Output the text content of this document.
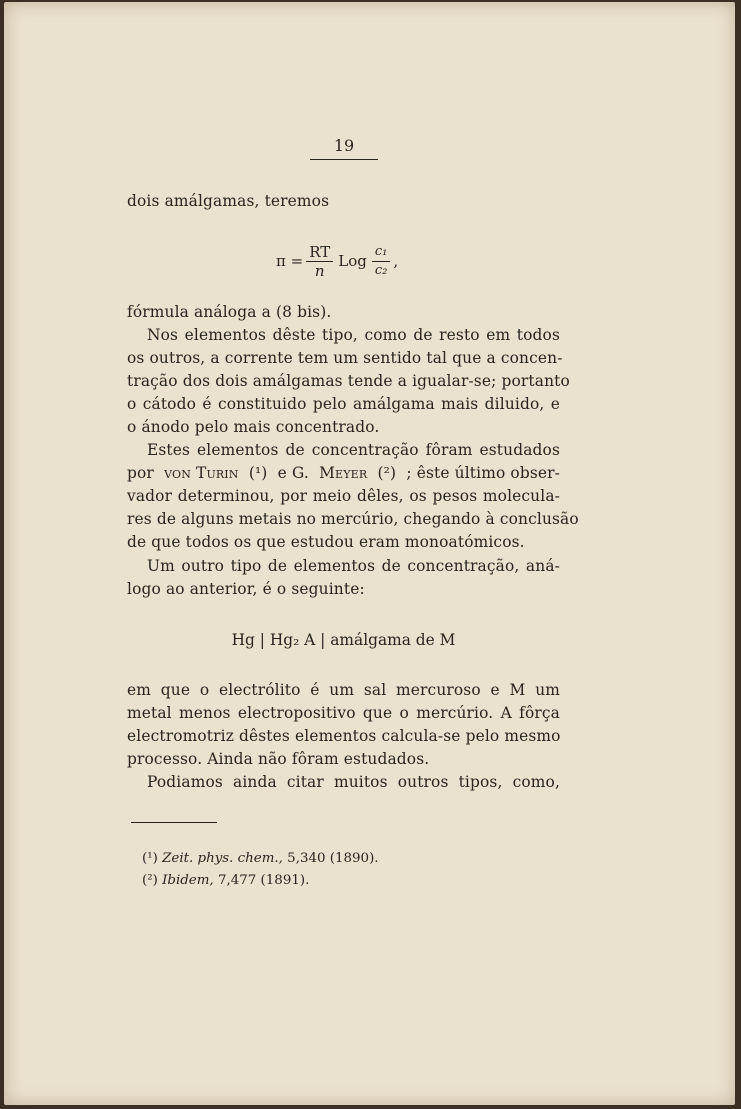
19
dois amálgamas, teremos
$\pi = \frac{RT}{n}$ Log $\frac{\text{c₁}}{\text{c₂}}$ ,
fórmula análoga a (8 bis).
Nos elementos dêste tipo, como de resto em todos
os outros, a corrente tem um sentido tal que a concen-
tração dos dois amálgamas tende a igualar-se; portanto
o cátodo é constituido pelo amálgama mais diluido, e
o ánodo pelo mais concentrado.
Estes elementos de concentração fôram estudados
por von Turin (¹) e G. Meyer (²) ; êste último obser-
vador determinou, por meio dêles, os pesos molecula-
res de alguns metais no mercúrio, chegando à conclusão
de que todos os que estudou eram monoatómicos.
Um outro tipo de elementos de concentração, aná-
logo ao anterior, é o seguinte:
Hg | Hg₂ A | amálgama de M
em que o electrólito é um sal mercuroso e M um
metal menos electropositivo que o mercúrio. A fôrça
electromotriz dêstes elementos calcula-se pelo mesmo
processo. Ainda não fôram estudados.
Podiamos ainda citar muitos outros tipos, como,
(¹) Zeit. phys. chem., 5,340 (1890).
(²) Ibidem, 7,477 (1891).
